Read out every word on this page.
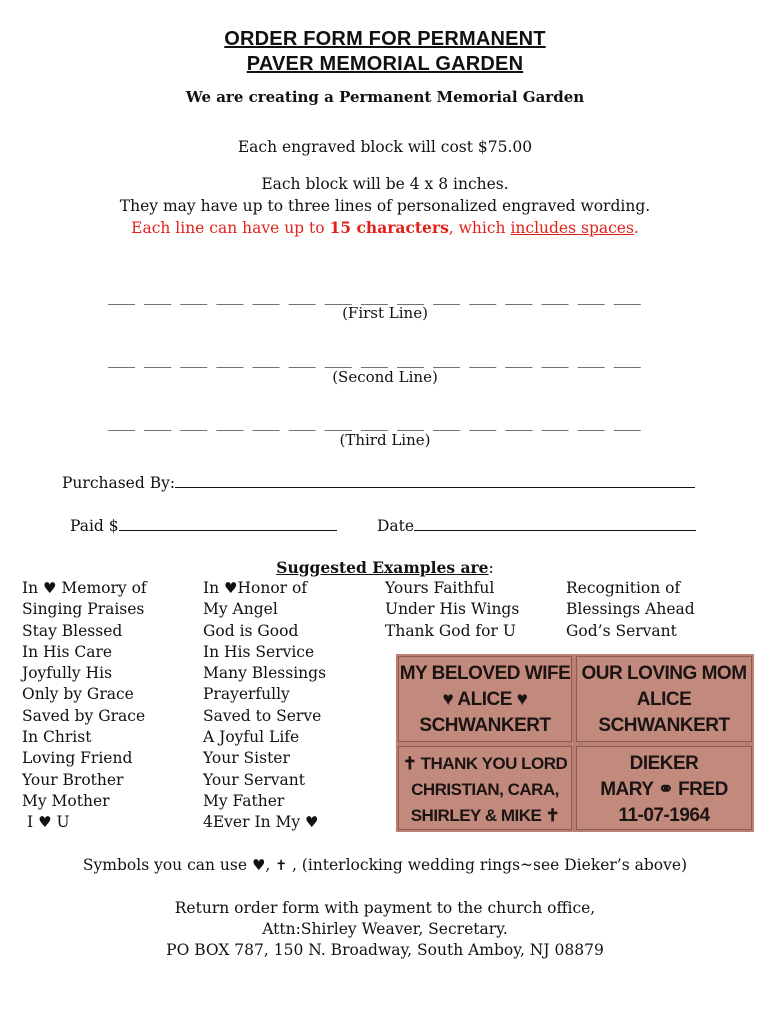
ORDER FORM FOR PERMANENT
PAVER MEMORIAL GARDEN
We are creating a Permanent Memorial Garden
Each engraved block will cost $75.00
Each block will be 4 x 8 inches.
They may have up to three lines of personalized engraved wording.
Each line can have up to 15 characters, which includes spaces.
___ ___ ___ ___ ___ ___ ___ ___ ___ ___ ___ ___ ___ ___ ___
(First Line)
___ ___ ___ ___ ___ ___ ___ ___ ___ ___ ___ ___ ___ ___ ___
(Second Line)
___ ___ ___ ___ ___ ___ ___ ___ ___ ___ ___ ___ ___ ___ ___
(Third Line)
Purchased By:
Paid $	Date
Suggested Examples are:
In ♥ Memory of
Singing Praises
Stay Blessed
In His Care
Joyfully His
Only by Grace
Saved by Grace
In Christ
Loving Friend
Your Brother
My Mother
I ♥ U
In ♥Honor of
My Angel
God is Good
In His Service
Many Blessings
Prayerfully
Saved to Serve
A Joyful Life
Your Sister
Your Servant
My Father
4Ever In My ♥
Yours Faithful
Under His Wings
Thank God for U
Recognition of
Blessings Ahead
God’s Servant
MY BELOVED WIFE
♥ ALICE ♥
SCHWANKERT
OUR LOVING MOM
ALICE
SCHWANKERT
✝ THANK YOU LORD
CHRISTIAN, CARA,
SHIRLEY & MIKE ✝
DIEKER
MARY ⚭ FRED
11-07-1964
Symbols you can use ♥, ✝ , (interlocking wedding rings~see Dieker’s above)
Return order form with payment to the church office,
Attn:Shirley Weaver, Secretary.
PO BOX 787, 150 N. Broadway, South Amboy, NJ 08879
